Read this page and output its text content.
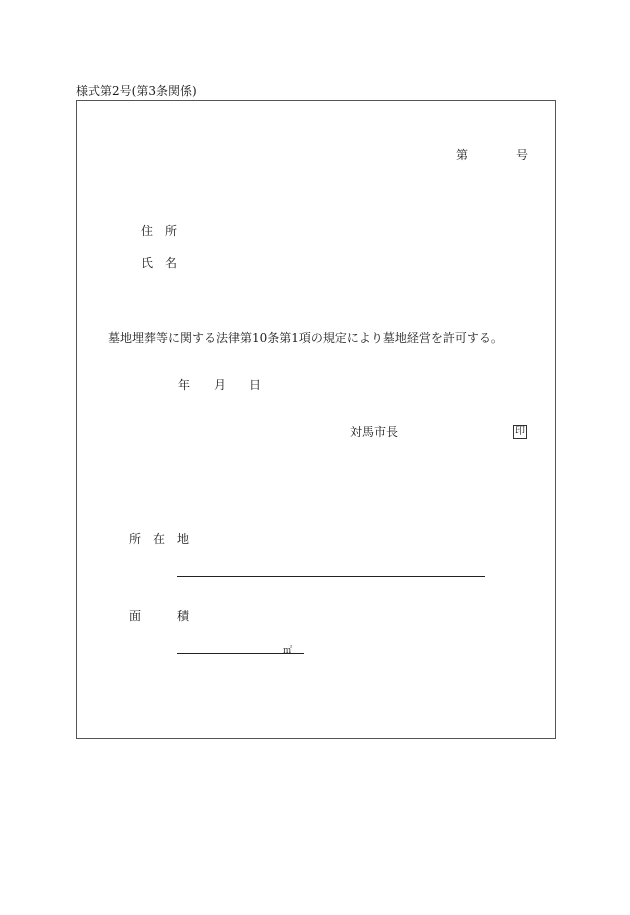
様式第2号(第3条関係)
第	号
住　所
氏　名
墓地埋葬等に関する法律第10条第1項の規定により墓地経営を許可する。
年 月 日
対馬市長	印
所　在　地
面　　　積
㎡
